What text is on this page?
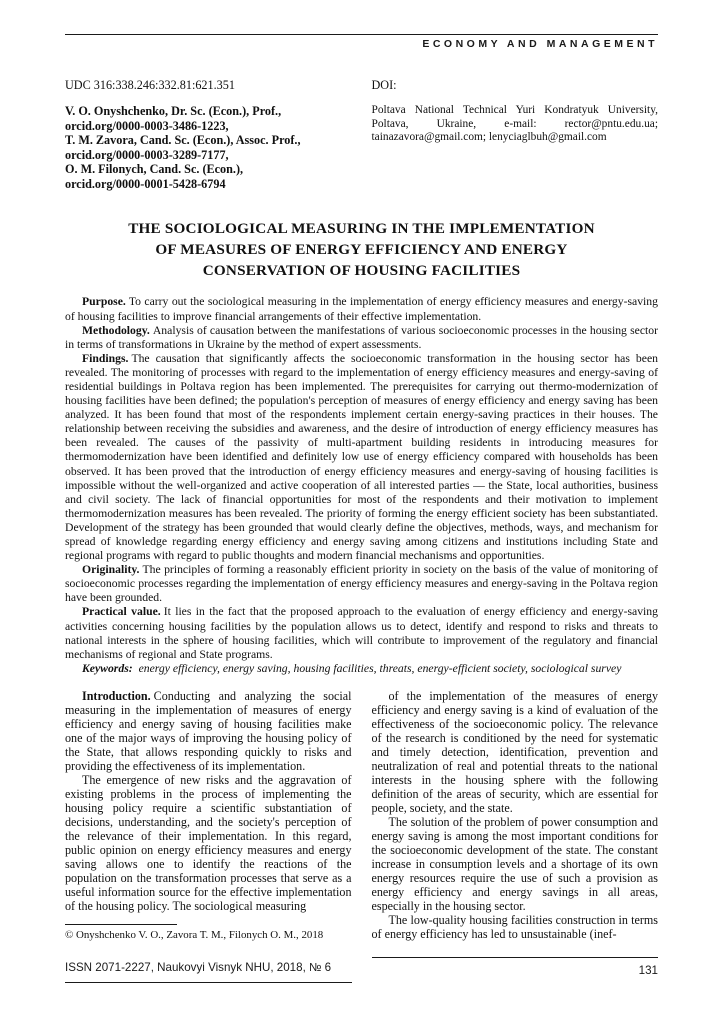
ECONOMY AND MANAGEMENT
UDC 316:338.246:332.81:621.351
V. O. Onyshchenko, Dr. Sc. (Econ.), Prof.,
orcid.org/0000-0003-3486-1223,
T. M. Zavora, Cand. Sc. (Econ.), Assoc. Prof.,
orcid.org/0000-0003-3289-7177,
O. M. Filonych, Cand. Sc. (Econ.),
orcid.org/0000-0001-5428-6794
DOI:
Poltava National Technical Yuri Kondratyuk University, Poltava, Ukraine, e-mail: rector@pntu.edu.ua; tainazavora@gmail.com; lenyciaglbuh@gmail.com
THE SOCIOLOGICAL MEASURING IN THE IMPLEMENTATION OF MEASURES OF ENERGY EFFICIENCY AND ENERGY CONSERVATION OF HOUSING FACILITIES

Purpose. To carry out the sociological measuring in the implementation of energy efficiency measures and energy-saving of housing facilities to improve financial arrangements of their effective implementation.

Methodology. Analysis of causation between the manifestations of various socioeconomic processes in the housing sector in terms of transformations in Ukraine by the method of expert assessments.

Findings. The causation that significantly affects the socioeconomic transformation in the housing sector has been revealed. The monitoring of processes with regard to the implementation of energy efficiency measures and energy-saving of residential buildings in Poltava region has been implemented. The prerequisites for carrying out thermo-modernization of housing facilities have been defined; the population's perception of measures of energy efficiency and energy saving has been analyzed. It has been found that most of the respondents implement certain energy-saving practices in their houses. The relationship between receiving the subsidies and awareness, and the desire of introduction of energy efficiency measures has been revealed. The causes of the passivity of multi-apartment building residents in introducing measures for thermomodernization have been identified and definitely low use of energy efficiency compared with households has been observed. It has been proved that the introduction of energy efficiency measures and energy-saving of housing facilities is impossible without the well-organized and active cooperation of all interested parties — the State, local authorities, business and civil society. The lack of financial opportunities for most of the respondents and their motivation to implement thermomodernization measures has been revealed. The priority of forming the energy efficient society has been substantiated. Development of the strategy has been grounded that would clearly define the objectives, methods, ways, and mechanism for spread of knowledge regarding energy efficiency and energy saving among citizens and institutions including State and regional programs with regard to public thoughts and modern financial mechanisms and opportunities.

Originality. The principles of forming a reasonably efficient priority in society on the basis of the value of monitoring of socioeconomic processes regarding the implementation of energy efficiency measures and energy-saving in the Poltava region have been grounded.

Practical value. It lies in the fact that the proposed approach to the evaluation of energy efficiency and energy-saving activities concerning housing facilities by the population allows us to detect, identify and respond to risks and threats to national interests in the sphere of housing facilities, which will contribute to improvement of the regulatory and financial mechanisms of regional and State programs.

Keywords: energy efficiency, energy saving, housing facilities, threats, energy-efficient society, sociological survey

Introduction. Conducting and analyzing the social measuring in the implementation of measures of energy efficiency and energy saving of housing facilities make one of the major ways of improving the housing policy of the State, that allows responding quickly to risks and providing the effectiveness of its implementation.

The emergence of new risks and the aggravation of existing problems in the process of implementing the housing policy require a scientific substantiation of decisions, understanding, and the society's perception of the relevance of their implementation. In this regard, public opinion on energy efficiency measures and energy saving allows one to identify the reactions of the population on the transformation processes that serve as a useful information source for the effective implementation of the housing policy. The sociological measuring

© Onyshchenko V. O., Zavora T. M., Filonych O. M., 2018

of the implementation of the measures of energy efficiency and energy saving is a kind of evaluation of the effectiveness of the socioeconomic policy. The relevance of the research is conditioned by the need for systematic and timely detection, identification, prevention and neutralization of real and potential threats to the national interests in the housing sphere with the following definition of the areas of security, which are essential for people, society, and the state.

The solution of the problem of power consumption and energy saving is among the most important conditions for the socioeconomic development of the state. The constant increase in consumption levels and a shortage of its own energy resources require the use of such a provision as energy efficiency and energy savings in all areas, especially in the housing sector.

The low-quality housing facilities construction in terms of energy efficiency has led to unsustainable (inef-

ISSN 2071-2227, Naukovyi Visnyk NHU, 2018, № 6	131
